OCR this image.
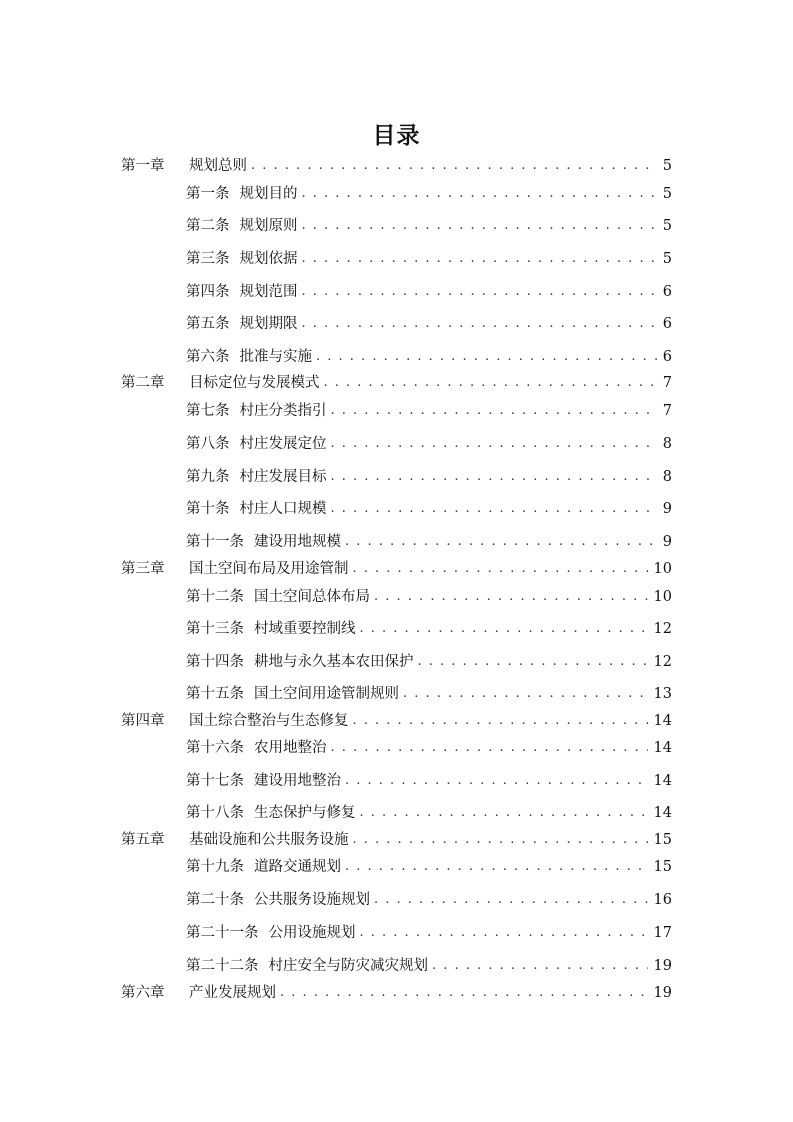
目录
第一章 规划总则 . . .	5
第一条 规划目的 . . .	5
第二条 规划原则 . . .	5
第三条 规划依据 . . .	5
第四条 规划范围 . . .	6
第五条 规划期限 . . .	6
第六条 批准与实施 . . .	6
第二章 目标定位与发展模式 . . .	7
第七条 村庄分类指引 . . .	7
第八条 村庄发展定位 . . .	8
第九条 村庄发展目标 . . .	8
第十条 村庄人口规模 . . .	9
第十一条 建设用地规模 . . .	9
第三章 国土空间布局及用途管制 . . .	10
第十二条 国土空间总体布局 . . .	10
第十三条 村域重要控制线 . . .	12
第十四条 耕地与永久基本农田保护 . . .	12
第十五条 国土空间用途管制规则 . . .	13
第四章 国土综合整治与生态修复 . . .	14
第十六条 农用地整治 . . .	14
第十七条 建设用地整治 . . .	14
第十八条 生态保护与修复 . . .	14
第五章 基础设施和公共服务设施 . . .	15
第十九条 道路交通规划 . . .	15
第二十条 公共服务设施规划 . . .	16
第二十一条 公用设施规划 . . .	17
第二十二条 村庄安全与防灾减灾规划 . . .	19
第六章 产业发展规划 . . .	19
